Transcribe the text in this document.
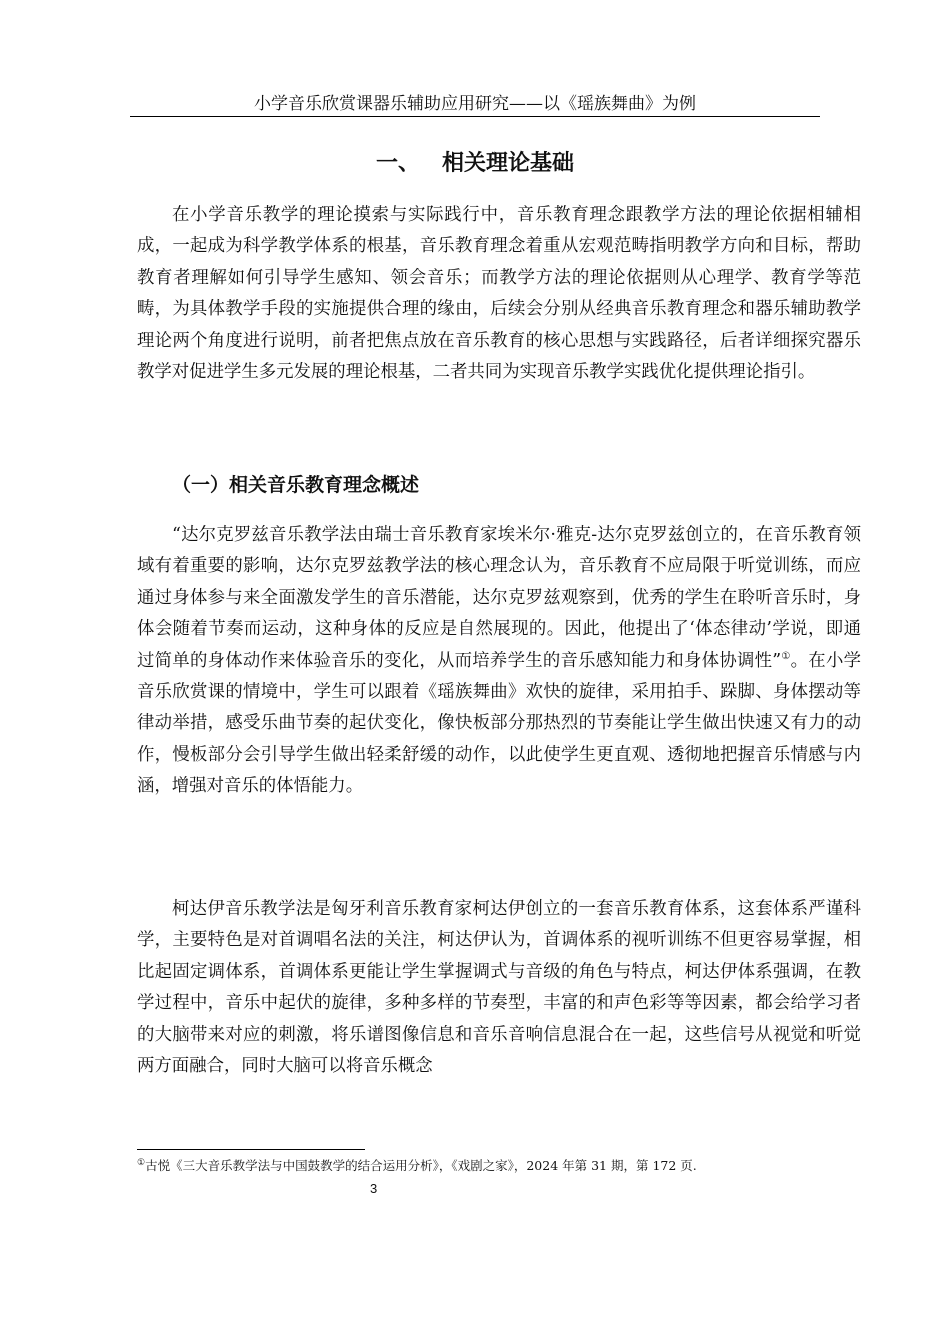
小学音乐欣赏课器乐辅助应用研究——以《瑶族舞曲》为例
一、 相关理论基础

在小学音乐教学的理论摸索与实际践行中，音乐教育理念跟教学方法的理论依据相辅相成，一起成为科学教学体系的根基，音乐教育理念着重从宏观范畴指明教学方向和目标，帮助教育者理解如何引导学生感知、领会音乐；而教学方法的理论依据则从心理学、教育学等范畴，为具体教学手段的实施提供合理的缘由，后续会分别从经典音乐教育理念和器乐辅助教学理论两个角度进行说明，前者把焦点放在音乐教育的核心思想与实践路径，后者详细探究器乐教学对促进学生多元发展的理论根基，二者共同为实现音乐教学实践优化提供理论指引。

（一）相关音乐教育理念概述

“达尔克罗兹音乐教学法由瑞士音乐教育家埃米尔·雅克-达尔克罗兹创立的，在音乐教育领域有着重要的影响，达尔克罗兹教学法的核心理念认为，音乐教育不应局限于听觉训练，而应通过身体参与来全面激发学生的音乐潜能，达尔克罗兹观察到，优秀的学生在聆听音乐时，身体会随着节奏而运动，这种身体的反应是自然展现的。因此，他提出了‘体态律动’学说，即通过简单的身体动作来体验音乐的变化，从而培养学生的音乐感知能力和身体协调性”①。在小学音乐欣赏课的情境中，学生可以跟着《瑶族舞曲》欢快的旋律，采用拍手、跺脚、身体摆动等律动举措，感受乐曲节奏的起伏变化，像快板部分那热烈的节奏能让学生做出快速又有力的动作，慢板部分会引导学生做出轻柔舒缓的动作，以此使学生更直观、透彻地把握音乐情感与内涵，增强对音乐的体悟能力。

柯达伊音乐教学法是匈牙利音乐教育家柯达伊创立的一套音乐教育体系，这套体系严谨科学，主要特色是对首调唱名法的关注，柯达伊认为，首调体系的视听训练不但更容易掌握，相比起固定调体系，首调体系更能让学生掌握调式与音级的角色与特点，柯达伊体系强调，在教学过程中，音乐中起伏的旋律，多种多样的节奏型，丰富的和声色彩等等因素，都会给学习者的大脑带来对应的刺激，将乐谱图像信息和音乐音响信息混合在一起，这些信号从视觉和听觉两方面融合，同时大脑可以将音乐概念

①古悦《三大音乐教学法与中国鼓教学的结合运用分析》，《戏剧之家》，2024 年第 31 期，第 172 页.

3
